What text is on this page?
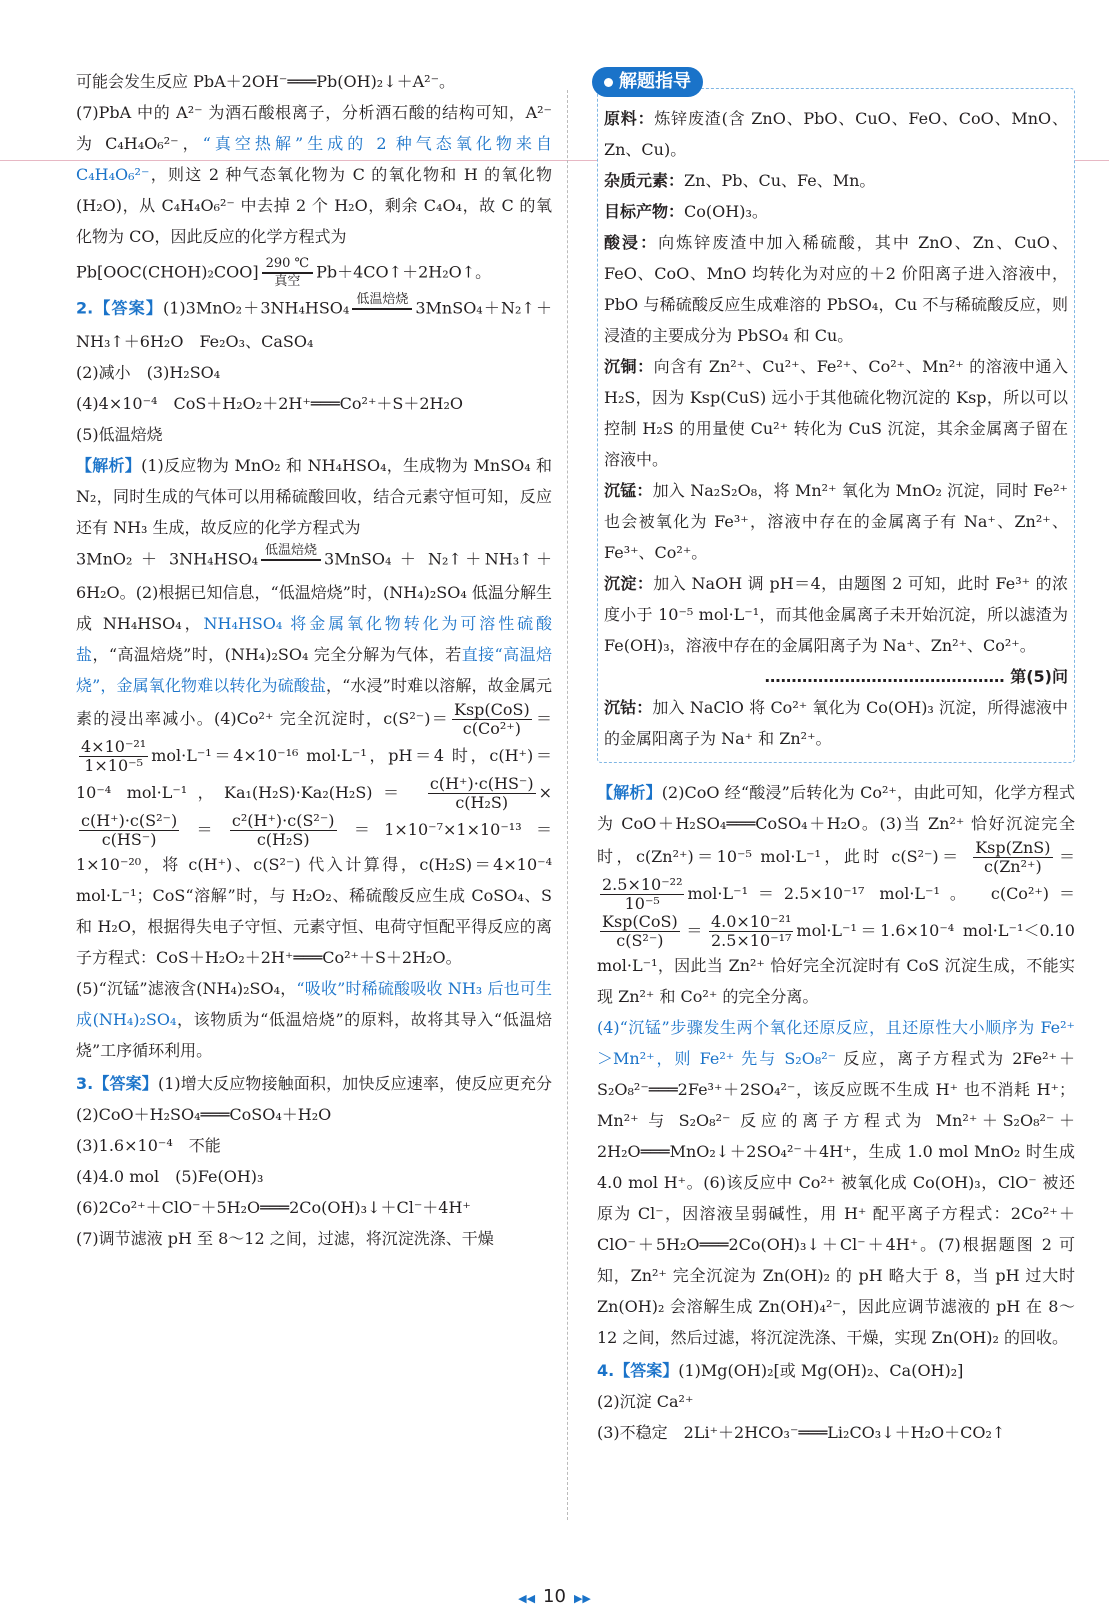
可能会发生反应 PbA＋2OH⁻═══Pb(OH)₂↓＋A²⁻。

(7)PbA 中的 A²⁻ 为酒石酸根离子，分析酒石酸的结构可知，A²⁻ 为 C₄H₄O₆²⁻，“真空热解”生成的 2 种气态氧化物来自 C₄H₄O₆²⁻，则这 2 种气态氧化物为 C 的氧化物和 H 的氧化物(H₂O)，从 C₄H₄O₆²⁻ 中去掉 2 个 H₂O，剩余 C₄O₄，故 C 的氧化物为 CO，因此反应的化学方程式为

Pb[OOC(CHOH)₂COO] 290 ℃
真空 Pb＋4CO↑＋2H₂O↑。

2.【答案】(1)3MnO₂＋3NH₄HSO₄ 低温焙烧
3MnSO₄＋N₂↑＋NH₃↑＋6H₂O　Fe₂O₃、CaSO₄

(2)减小　(3)H₂SO₄

(4)4×10⁻⁴　CoS＋H₂O₂＋2H⁺═══Co²⁺＋S＋2H₂O

(5)低温焙烧

【解析】(1)反应物为 MnO₂ 和 NH₄HSO₄，生成物为 MnSO₄ 和 N₂，同时生成的气体可以用稀硫酸回收，结合元素守恒可知，反应还有 NH₃ 生成，故反应的化学方程式为

3MnO₂ ＋ 3NH₄HSO₄ 低温焙烧
3MnSO₄ ＋ N₂↑＋NH₃↑＋6H₂O。(2)根据已知信息，“低温焙烧”时，(NH₄)₂SO₄ 低温分解生成 NH₄HSO₄，NH₄HSO₄ 将金属氧化物转化为可溶性硫酸盐，“高温焙烧”时，(NH₄)₂SO₄ 完全分解为气体，若直接“高温焙烧”，金属氧化物难以转化为硫酸盐，“水浸”时难以溶解，故金属元素的浸出率减小。(4)Co²⁺ 完全沉淀时，$c(S^{2-})= \frac{\text{Ksp(CoS)}}{\text{c(Co²⁺)}}$ ＝
$\frac{\text{4×10⁻²¹}}{\text{1×10⁻⁵}} mol\cdot L^{-1}=4\times 10^{-16}$ mol·L⁻¹，pH＝4 时，c(H⁺)＝10⁻⁴ mol·L⁻¹，$Ka_1(H_2S)\cdot Ka_2(H_2S)= \frac{c(H^+)\cdot c(HS^-)}{\text{c(H₂S)}}$ ×
$\frac{\text{c(H⁺)·c(S²⁻)}}{c(HS^-)} = \frac{\text{c²(H⁺)·c(S²⁻)}}{\text{c(H₂S)}} =1\times 10^{-7}\times 1\times 10^{-13}=1\times 10^{-20}$，将 c(H⁺)、c(S²⁻) 代入计算得，c(H₂S)＝4×10⁻⁴ mol·L⁻¹；CoS“溶解”时，与 H₂O₂、稀硫酸反应生成 CoSO₄、S 和 H₂O，根据得失电子守恒、元素守恒、电荷守恒配平得反应的离子方程式：CoS＋H₂O₂＋2H⁺═══Co²⁺＋S＋2H₂O。

(5)“沉锰”滤液含(NH₄)₂SO₄，“吸收”时稀硫酸吸收 NH₃ 后也可生成(NH₄)₂SO₄，该物质为“低温焙烧”的原料，故将其导入“低温焙烧”工序循环利用。

3.【答案】(1)增大反应物接触面积，加快反应速率，使反应更充分　(2)CoO＋H₂SO₄═══CoSO₄＋H₂O

(3)1.6×10⁻⁴　不能

(4)4.0 mol　(5)Fe(OH)₃

(6)2Co²⁺＋ClO⁻＋5H₂O═══2Co(OH)₃↓＋Cl⁻＋4H⁺

(7)调节滤液 pH 至 8～12 之间，过滤，将沉淀洗涤、干燥

解题指导

原料：炼锌废渣(含 ZnO、PbO、CuO、FeO、CoO、MnO、Zn、Cu)。

杂质元素：Zn、Pb、Cu、Fe、Mn。

目标产物：Co(OH)₃。

酸浸：向炼锌废渣中加入稀硫酸，其中 ZnO、Zn、CuO、FeO、CoO、MnO 均转化为对应的＋2 价阳离子进入溶液中，PbO 与稀硫酸反应生成难溶的 PbSO₄，Cu 不与稀硫酸反应，则浸渣的主要成分为 PbSO₄ 和 Cu。

沉铜：向含有 Zn²⁺、Cu²⁺、Fe²⁺、Co²⁺、Mn²⁺ 的溶液中通入 H₂S，因为 Ksp(CuS) 远小于其他硫化物沉淀的 Ksp，所以可以控制 H₂S 的用量使 Cu²⁺ 转化为 CuS 沉淀，其余金属离子留在溶液中。

沉锰：加入 Na₂S₂O₈，将 Mn²⁺ 氧化为 MnO₂ 沉淀，同时 Fe²⁺ 也会被氧化为 Fe³⁺，溶液中存在的金属离子有 Na⁺、Zn²⁺、Fe³⁺、Co²⁺。

沉淀：加入 NaOH 调 pH＝4，由题图 2 可知，此时 Fe³⁺ 的浓度小于 10⁻⁵ mol·L⁻¹，而其他金属离子未开始沉淀，所以滤渣为 Fe(OH)₃，溶液中存在的金属阳离子为 Na⁺、Zn²⁺、Co²⁺。

……………………………………… 第(5)问

沉钴：加入 NaClO 将 Co²⁺ 氧化为 Co(OH)₃ 沉淀，所得滤液中的金属阳离子为 Na⁺ 和 Zn²⁺。

【解析】(2)CoO 经“酸浸”后转化为 Co²⁺，由此可知，化学方程式为 CoO＋H₂SO₄═══CoSO₄＋H₂O。(3)当 Zn²⁺ 恰好沉淀完全时，c(Zn²⁺)＝10⁻⁵ mol·L⁻¹，此时 $c(S^{2-})= \frac{\text{Ksp(ZnS)}}{\text{c(Zn²⁺)}}$ ＝
$\frac{\text{2.5×10⁻²²}}{\text{10⁻⁵}} mol\cdot L^{-1}=2.5\times 10^{-17}$ mol·L⁻¹。 c(Co²⁺)＝
$\frac{\text{Ksp(CoS)}}{\text{c(S²⁻)}} = \frac{\text{4.0×10⁻²¹}}{\text{2.5×10⁻¹⁷}} mol\cdot L^{-1}=1.6\times 10^{-4}$ mol·L⁻¹＜0.10 mol·L⁻¹，因此当 Zn²⁺ 恰好完全沉淀时有 CoS 沉淀生成，不能实现 Zn²⁺ 和 Co²⁺ 的完全分离。

(4)“沉锰”步骤发生两个氧化还原反应，且还原性大小顺序为 Fe²⁺＞Mn²⁺，则 Fe²⁺ 先与 S₂O₈²⁻ 反应，离子方程式为 2Fe²⁺＋S₂O₈²⁻═══2Fe³⁺＋2SO₄²⁻，该反应既不生成 H⁺ 也不消耗 H⁺；Mn²⁺ 与 S₂O₈²⁻ 反应的离子方程式为 Mn²⁺＋S₂O₈²⁻＋2H₂O═══MnO₂↓＋2SO₄²⁻＋4H⁺，生成 1.0 mol MnO₂ 时生成 4.0 mol H⁺。(6)该反应中 Co²⁺ 被氧化成 Co(OH)₃，ClO⁻ 被还原为 Cl⁻，因溶液呈弱碱性，用 H⁺ 配平离子方程式：2Co²⁺＋ClO⁻＋5H₂O═══2Co(OH)₃↓＋Cl⁻＋4H⁺。(7)根据题图 2 可知，Zn²⁺ 完全沉淀为 Zn(OH)₂ 的 pH 略大于 8，当 pH 过大时 Zn(OH)₂ 会溶解生成 Zn(OH)₄²⁻，因此应调节滤液的 pH 在 8～12 之间，然后过滤，将沉淀洗涤、干燥，实现 Zn(OH)₂ 的回收。

4.【答案】(1)Mg(OH)₂[或 Mg(OH)₂、Ca(OH)₂]

(2)沉淀 Ca²⁺

(3)不稳定　2Li⁺＋2HCO₃⁻═══Li₂CO₃↓＋H₂O＋CO₂↑

◀◀ 10 ▶▶
